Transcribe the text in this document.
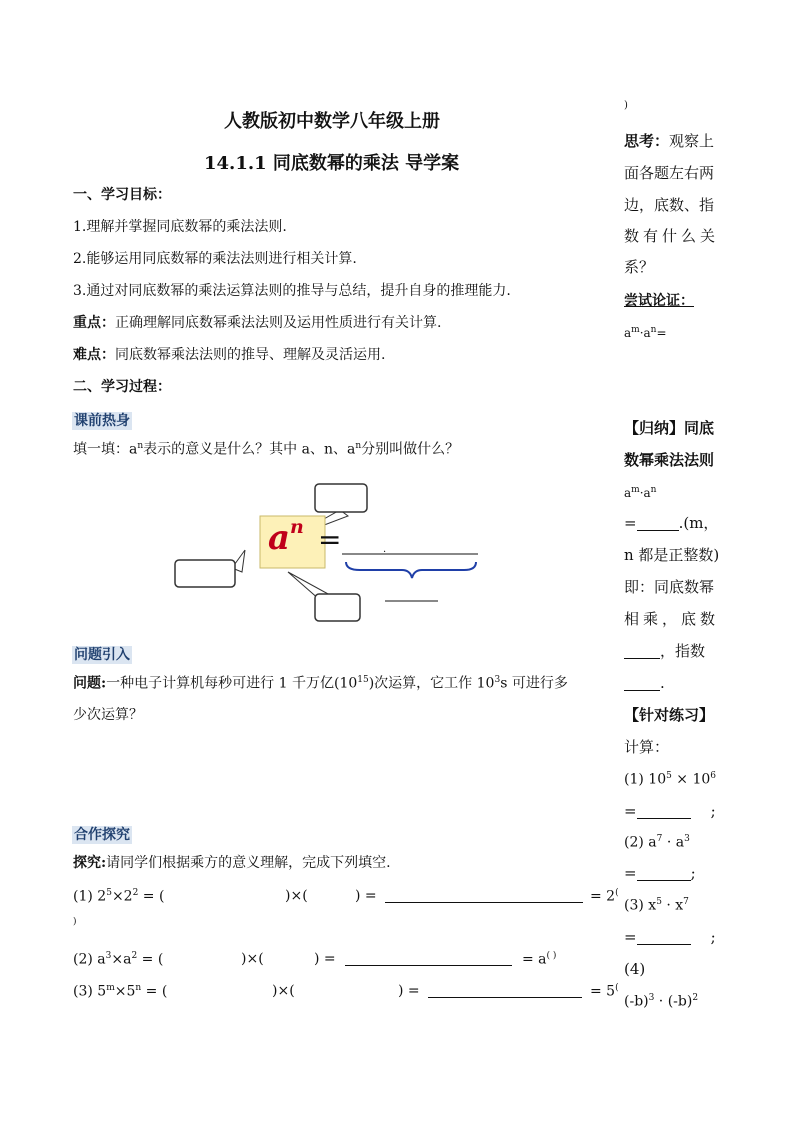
人教版初中数学八年级上册
14.1.1 同底数幂的乘法 导学案
一、学习目标：
1.理解并掌握同底数幂的乘法法则.
2.能够运用同底数幂的乘法法则进行相关计算.
3.通过对同底数幂的乘法运算法则的推导与总结，提升自身的推理能力.
重点：正确理解同底数幂乘法法则及运用性质进行有关计算.
难点：同底数幂乘法法则的推导、理解及灵活运用.
二、学习过程：
课前热身
填一填：$a^n$表示的意义是什么？其中 a、n、$a^n$分别叫做什么？
$a^n$ =	·
问题引入
问题:一种电子计算机每秒可进行 1 千万亿$(10^{15})$次运算，它工作 $10^3s$ 可进行多
少次运算？
合作探究
探究:请同学们根据乘方的意义理解，完成下列填空.
(1) $2^5\times 2^2$ = (	)×(	) =	= 2(
)
(2) $a^3\times a^2$ = (	)×(	) =	= a( )
(3) $5^m\times 5^n$ = (	)×(	) =	= 5(
)
思考：观察上
面各题左右两
边，底数、指
数有什么关
系？
尝试论证：
$a^m\cdot a^n=$
【归纳】同底
数幂乘法法则
$a^m\cdot a^n$
=	.(m，
n 都是正整数)
即：同底数幂
相乘，底数
，指数
.
【针对练习】
计算：
(1) $10^5 \times 10^6$
=	;
(2) $a^7 \cdot a^3$
=	;
(3) $x^5 \cdot x^7$
=	;
(4)
$(-b)^3 \cdot (-b)^2$
